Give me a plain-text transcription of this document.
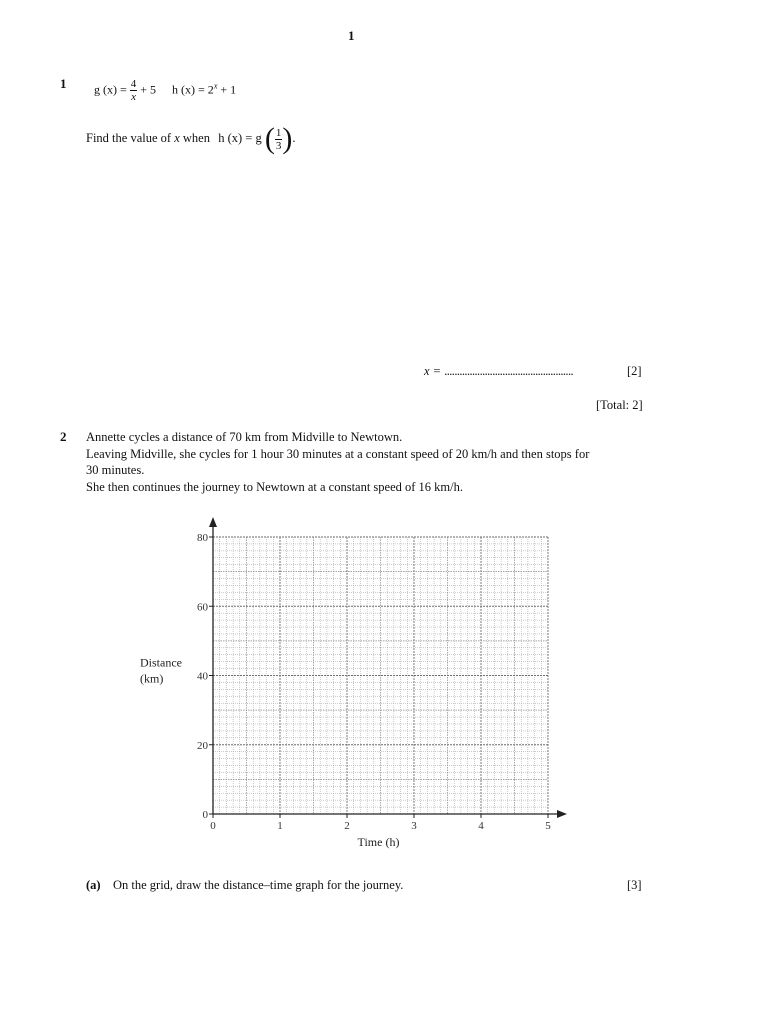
1
1 g $(x) = \frac{4}{x} + 5$ h $(x) = 2^x + 1$
Find the value of x when h (x) = g ( $\frac{1}{3}$ ).
x = ...................................................	[2]
[Total: 2]
2 Annette cycles a distance of 70 km from Midville to Newtown.
Leaving Midville, she cycles for 1 hour 30 minutes at a constant speed of 20 km/h and then stops for
30 minutes.
She then continues the journey to Newtown at a constant speed of 16 km/h.
0
20
40
60
80
0	1	2	3	4	5
Time (h)
Distance
(km)
(a) On the grid, draw the distance–time graph for the journey.	[3]
